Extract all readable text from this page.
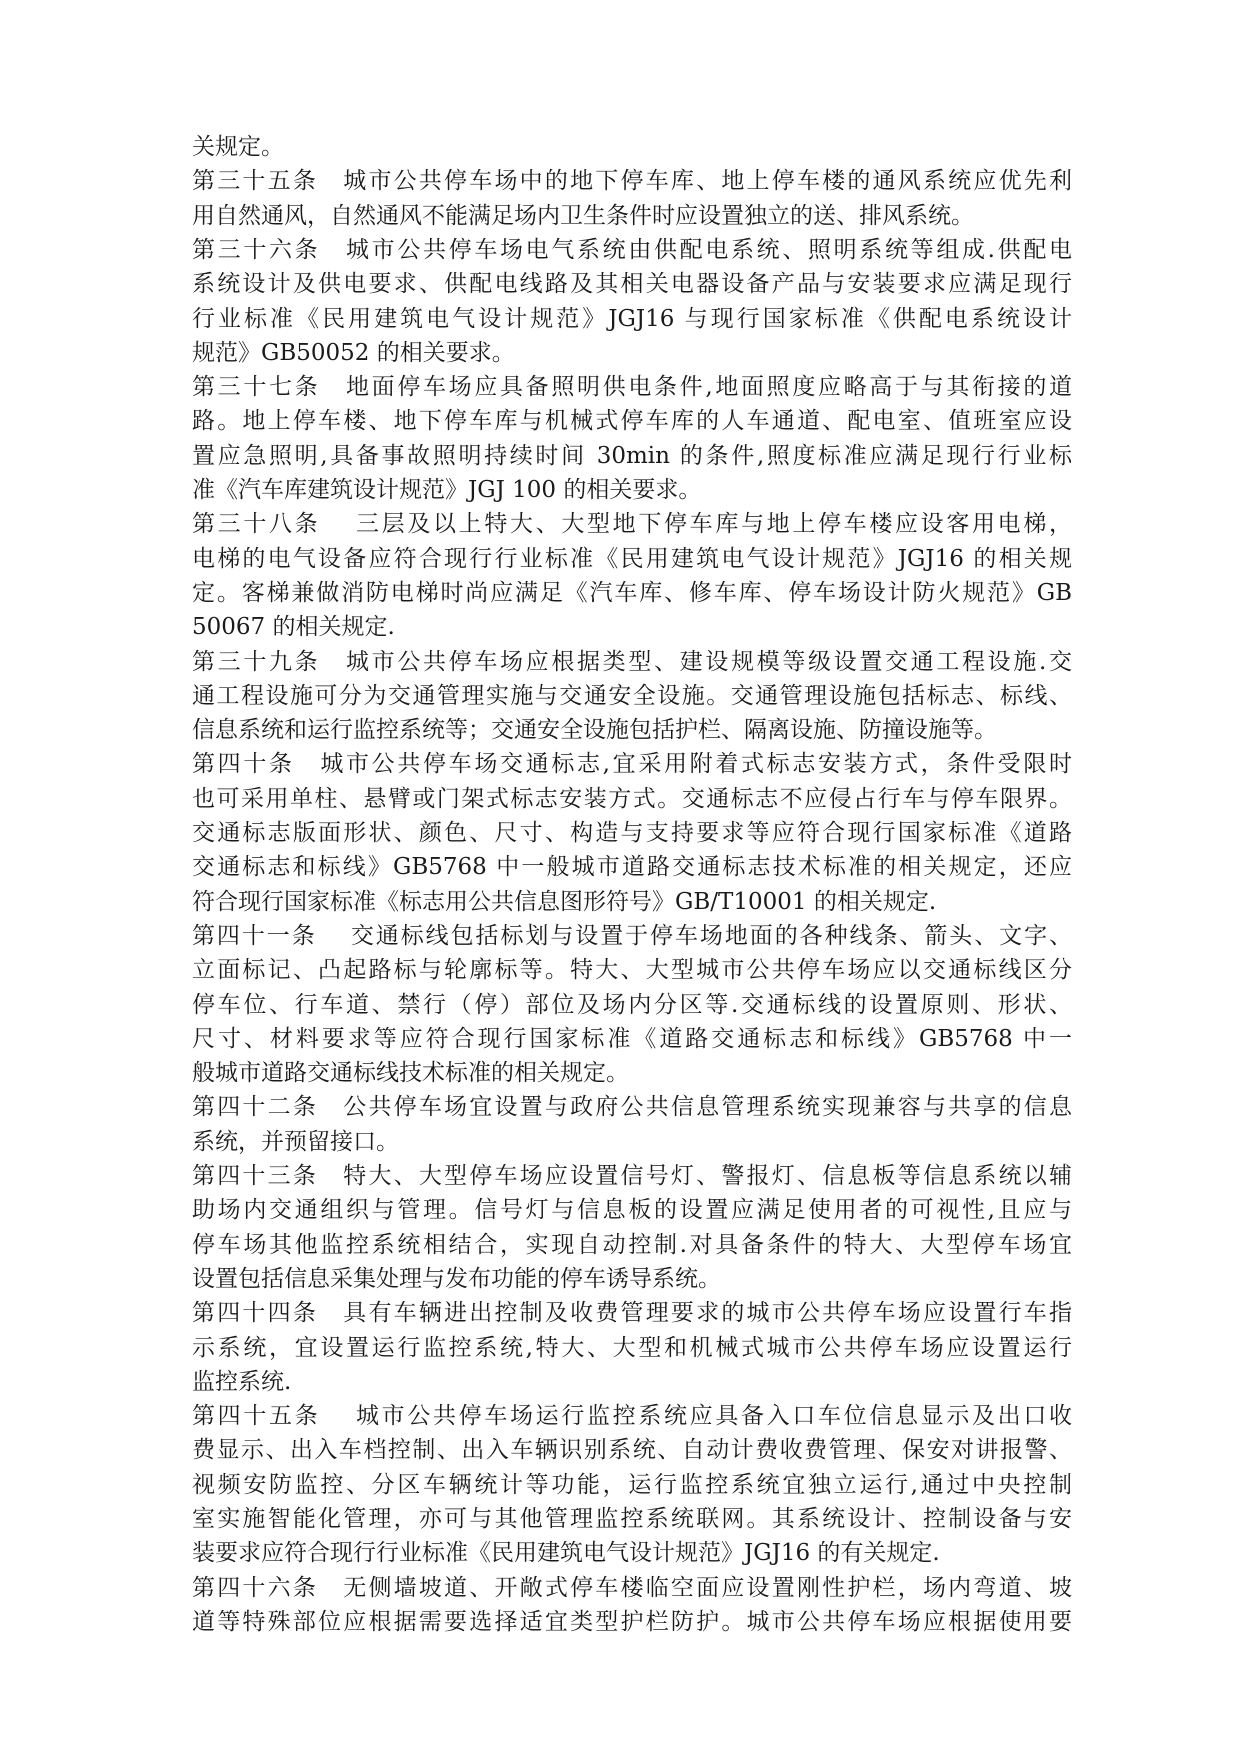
关规定。
第三十五条　城市公共停车场中的地下停车库、地上停车楼的通风系统应优先利
用自然通风，自然通风不能满足场内卫生条件时应设置独立的送、排风系统。
第三十六条　城市公共停车场电气系统由供配电系统、照明系统等组成.供配电
系统设计及供电要求、供配电线路及其相关电器设备产品与安装要求应满足现行
行业标准《民用建筑电气设计规范》JGJ16 与现行国家标准《供配电系统设计
规范》GB50052 的相关要求。
第三十七条　地面停车场应具备照明供电条件,地面照度应略高于与其衔接的道
路。地上停车楼、地下停车库与机械式停车库的人车通道、配电室、值班室应设
置应急照明,具备事故照明持续时间 30min 的条件,照度标准应满足现行行业标
准《汽车库建筑设计规范》JGJ 100 的相关要求。
第三十八条　 三层及以上特大、大型地下停车库与地上停车楼应设客用电梯，
电梯的电气设备应符合现行行业标准《民用建筑电气设计规范》JGJ16 的相关规
定。客梯兼做消防电梯时尚应满足《汽车库、修车库、停车场设计防火规范》GB
50067 的相关规定.
第三十九条　城市公共停车场应根据类型、建设规模等级设置交通工程设施.交
通工程设施可分为交通管理实施与交通安全设施。交通管理设施包括标志、标线、
信息系统和运行监控系统等；交通安全设施包括护栏、隔离设施、防撞设施等。
第四十条　城市公共停车场交通标志,宜采用附着式标志安装方式，条件受限时
也可采用单柱、悬臂或门架式标志安装方式。交通标志不应侵占行车与停车限界。
交通标志版面形状、颜色、尺寸、构造与支持要求等应符合现行国家标准《道路
交通标志和标线》GB5768 中一般城市道路交通标志技术标准的相关规定，还应
符合现行国家标准《标志用公共信息图形符号》GB/T10001 的相关规定.
第四十一条　 交通标线包括标划与设置于停车场地面的各种线条、箭头、文字、
立面标记、凸起路标与轮廓标等。特大、大型城市公共停车场应以交通标线区分
停车位、行车道、禁行（停）部位及场内分区等.交通标线的设置原则、形状、
尺寸、材料要求等应符合现行国家标准《道路交通标志和标线》GB5768 中一
般城市道路交通标线技术标准的相关规定。
第四十二条　公共停车场宜设置与政府公共信息管理系统实现兼容与共享的信息
系统，并预留接口。
第四十三条　特大、大型停车场应设置信号灯、警报灯、信息板等信息系统以辅
助场内交通组织与管理。信号灯与信息板的设置应满足使用者的可视性,且应与
停车场其他监控系统相结合，实现自动控制.对具备条件的特大、大型停车场宜
设置包括信息采集处理与发布功能的停车诱导系统。
第四十四条　具有车辆进出控制及收费管理要求的城市公共停车场应设置行车指
示系统，宜设置运行监控系统,特大、大型和机械式城市公共停车场应设置运行
监控系统.
第四十五条　 城市公共停车场运行监控系统应具备入口车位信息显示及出口收
费显示、出入车档控制、出入车辆识别系统、自动计费收费管理、保安对讲报警、
视频安防监控、分区车辆统计等功能，运行监控系统宜独立运行,通过中央控制
室实施智能化管理，亦可与其他管理监控系统联网。其系统设计、控制设备与安
装要求应符合现行行业标准《民用建筑电气设计规范》JGJ16 的有关规定.
第四十六条　无侧墙坡道、开敞式停车楼临空面应设置刚性护栏，场内弯道、坡
道等特殊部位应根据需要选择适宜类型护栏防护。城市公共停车场应根据使用要
